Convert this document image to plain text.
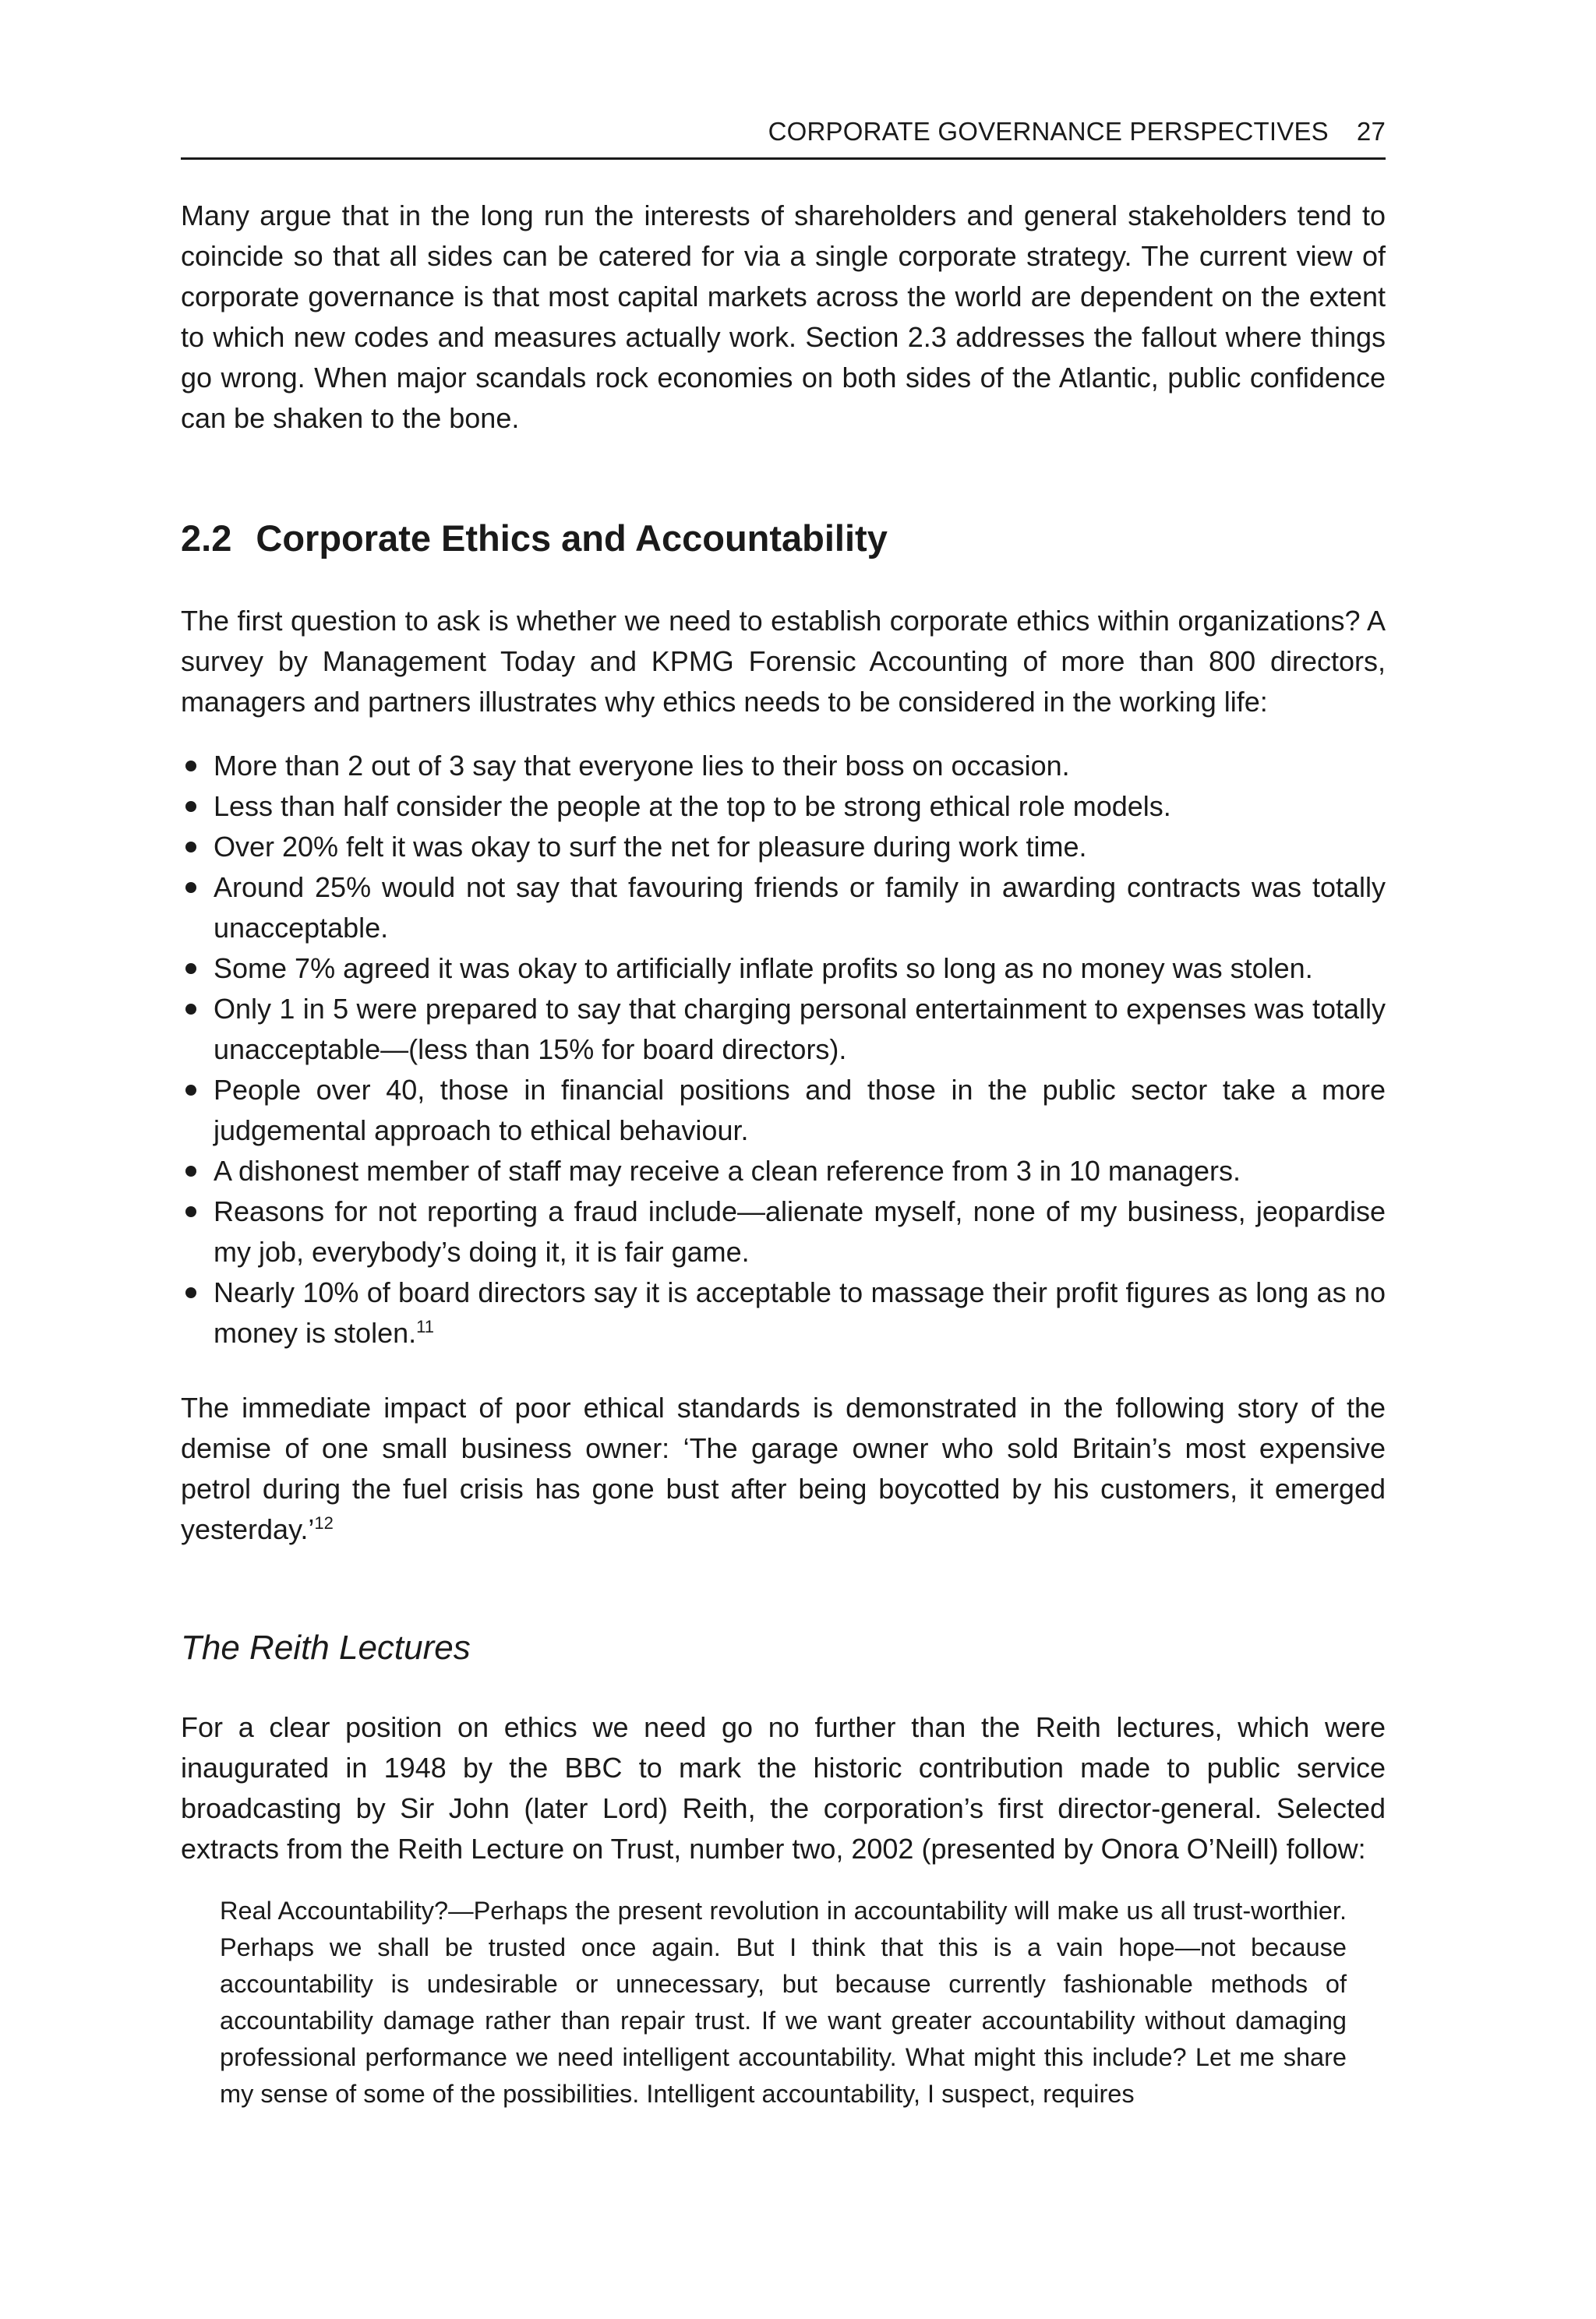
CORPORATE GOVERNANCE PERSPECTIVES 27

Many argue that in the long run the interests of shareholders and general stakeholders tend to coincide so that all sides can be catered for via a single corporate strategy. The current view of corporate governance is that most capital markets across the world are dependent on the extent to which new codes and measures actually work. Section 2.3 addresses the fallout where things go wrong. When major scandals rock economies on both sides of the Atlantic, public confidence can be shaken to the bone.

2.2 Corporate Ethics and Accountability

The first question to ask is whether we need to establish corporate ethics within organizations? A survey by Management Today and KPMG Forensic Accounting of more than 800 directors, managers and partners illustrates why ethics needs to be considered in the working life:

More than 2 out of 3 say that everyone lies to their boss on occasion.
Less than half consider the people at the top to be strong ethical role models.
Over 20% felt it was okay to surf the net for pleasure during work time.
Around 25% would not say that favouring friends or family in awarding contracts was totally unacceptable.
Some 7% agreed it was okay to artificially inflate profits so long as no money was stolen.
Only 1 in 5 were prepared to say that charging personal entertainment to expenses was totally unacceptable—(less than 15% for board directors).
People over 40, those in financial positions and those in the public sector take a more judgemental approach to ethical behaviour.
A dishonest member of staff may receive a clean reference from 3 in 10 managers.
Reasons for not reporting a fraud include—alienate myself, none of my business, jeopardise my job, everybody’s doing it, it is fair game.
Nearly 10% of board directors say it is acceptable to massage their profit figures as long as no money is stolen.$^{11}$

The immediate impact of poor ethical standards is demonstrated in the following story of the demise of one small business owner: ‘The garage owner who sold Britain’s most expensive petrol during the fuel crisis has gone bust after being boycotted by his customers, it emerged yesterday.’$^{12}$

The Reith Lectures

For a clear position on ethics we need go no further than the Reith lectures, which were inaugurated in 1948 by the BBC to mark the historic contribution made to public service broadcasting by Sir John (later Lord) Reith, the corporation’s first director-general. Selected extracts from the Reith Lecture on Trust, number two, 2002 (presented by Onora O’Neill) follow:

Real Accountability?—Perhaps the present revolution in accountability will make us all trust-worthier. Perhaps we shall be trusted once again. But I think that this is a vain hope—not because accountability is undesirable or unnecessary, but because currently fashionable methods of accountability damage rather than repair trust. If we want greater accountability without damaging professional performance we need intelligent accountability. What might this include? Let me share my sense of some of the possibilities. Intelligent accountability, I suspect, requires
